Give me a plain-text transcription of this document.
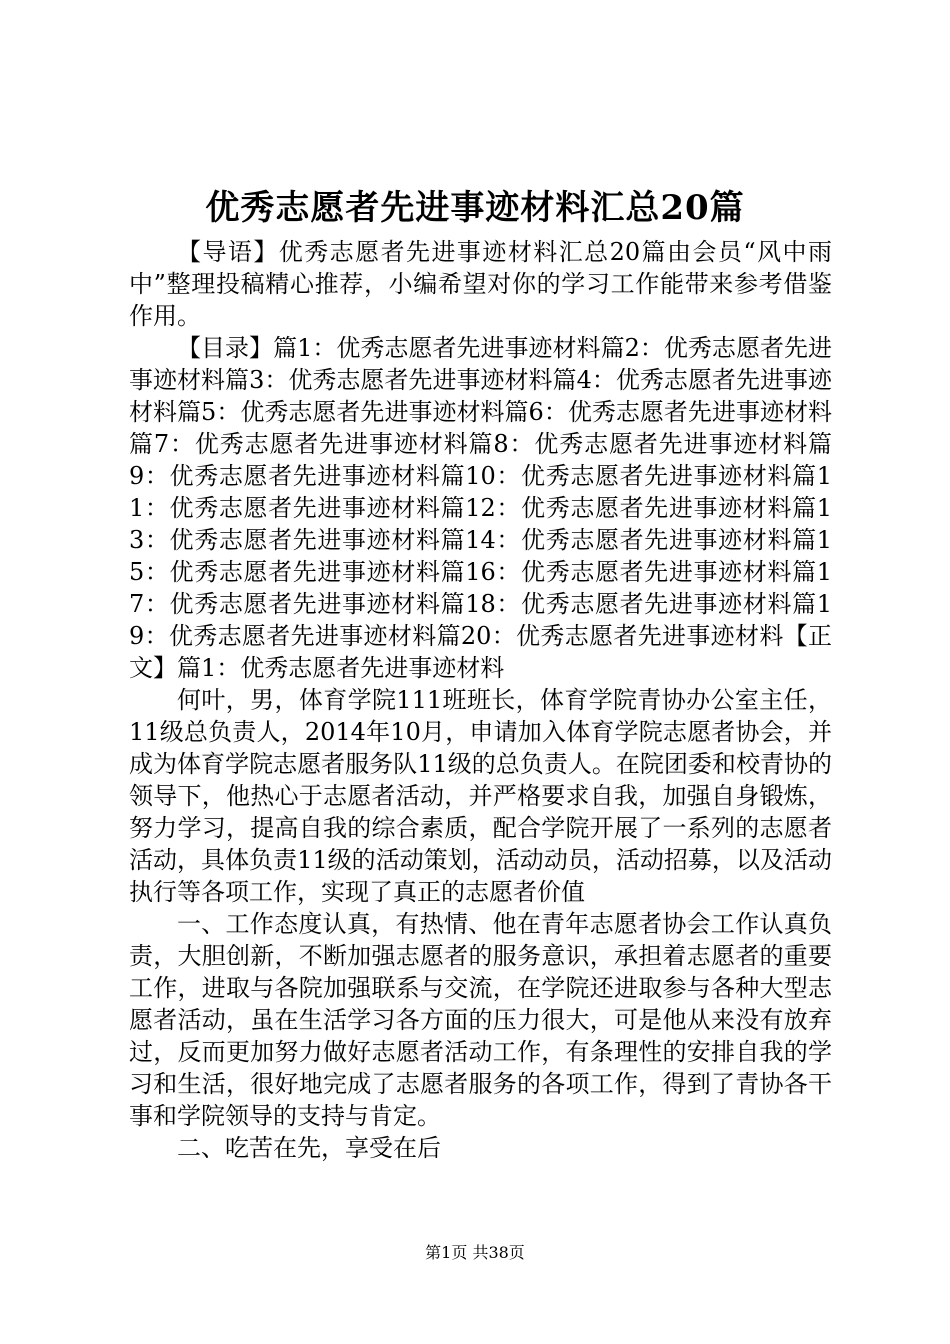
优秀志愿者先进事迹材料汇总20篇

【导语】优秀志愿者先进事迹材料汇总20篇由会员“风中雨中”整理投稿精心推荐，小编希望对你的学习工作能带来参考借鉴作用。

【目录】篇1：优秀志愿者先进事迹材料篇2：优秀志愿者先进事迹材料篇3：优秀志愿者先进事迹材料篇4：优秀志愿者先进事迹材料篇5：优秀志愿者先进事迹材料篇6：优秀志愿者先进事迹材料篇7：优秀志愿者先进事迹材料篇8：优秀志愿者先进事迹材料篇9：优秀志愿者先进事迹材料篇10：优秀志愿者先进事迹材料篇11：优秀志愿者先进事迹材料篇12：优秀志愿者先进事迹材料篇13：优秀志愿者先进事迹材料篇14：优秀志愿者先进事迹材料篇15：优秀志愿者先进事迹材料篇16：优秀志愿者先进事迹材料篇17：优秀志愿者先进事迹材料篇18：优秀志愿者先进事迹材料篇19：优秀志愿者先进事迹材料篇20：优秀志愿者先进事迹材料【正文】篇1：优秀志愿者先进事迹材料

何叶，男，体育学院111班班长，体育学院青协办公室主任，11级总负责人，2014年10月，申请加入体育学院志愿者协会，并成为体育学院志愿者服务队11级的总负责人。在院团委和校青协的领导下，他热心于志愿者活动，并严格要求自我，加强自身锻炼，努力学习，提高自我的综合素质，配合学院开展了一系列的志愿者活动，具体负责11级的活动策划，活动动员，活动招募，以及活动执行等各项工作，实现了真正的志愿者价值

一、工作态度认真，有热情、他在青年志愿者协会工作认真负责，大胆创新，不断加强志愿者的服务意识，承担着志愿者的重要工作，进取与各院加强联系与交流，在学院还进取参与各种大型志愿者活动，虽在生活学习各方面的压力很大，可是他从来没有放弃过，反而更加努力做好志愿者活动工作，有条理性的安排自我的学习和生活，很好地完成了志愿者服务的各项工作，得到了青协各干事和学院领导的支持与肯定。

二、吃苦在先，享受在后

第1页 共38页
